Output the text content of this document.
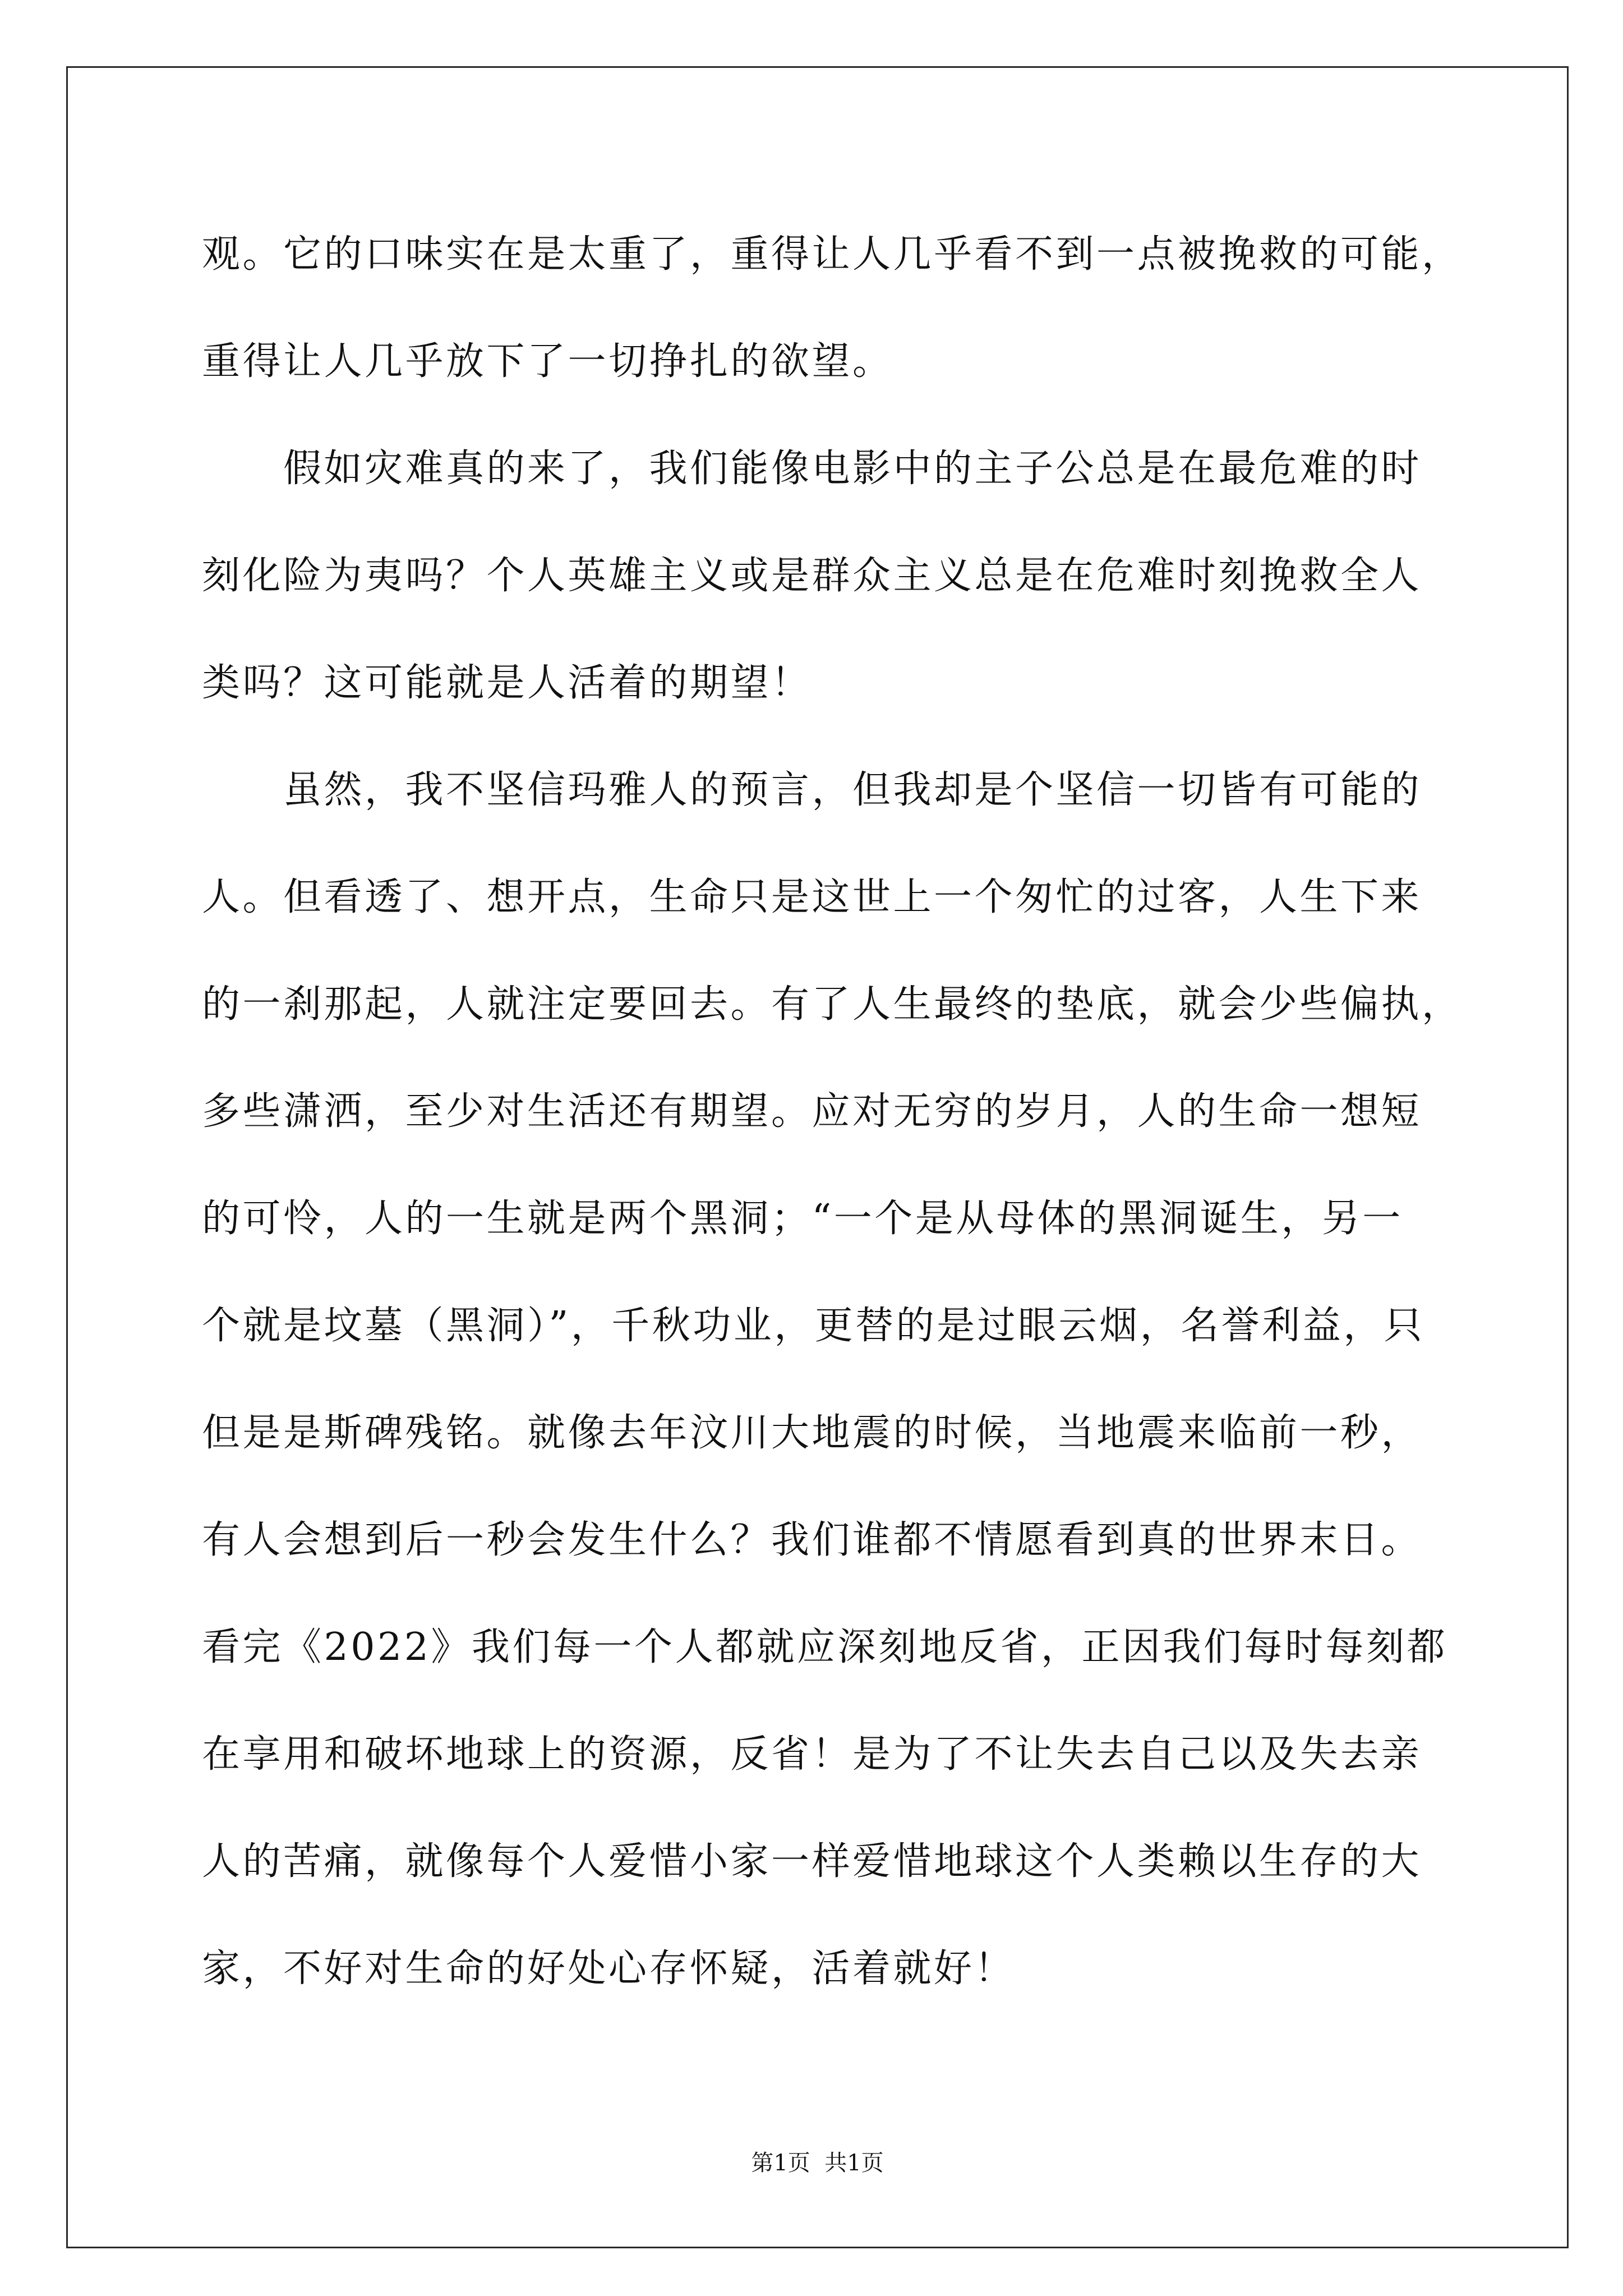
观。它的口味实在是太重了，重得让人几乎看不到一点被挽救的可能，
重得让人几乎放下了一切挣扎的欲望。
假如灾难真的来了，我们能像电影中的主子公总是在最危难的时
刻化险为夷吗？个人英雄主义或是群众主义总是在危难时刻挽救全人
类吗？这可能就是人活着的期望！
虽然，我不坚信玛雅人的预言，但我却是个坚信一切皆有可能的
人。但看透了、想开点，生命只是这世上一个匆忙的过客，人生下来
的一刹那起，人就注定要回去。有了人生最终的垫底，就会少些偏执，
多些潇洒，至少对生活还有期望。应对无穷的岁月，人的生命一想短
的可怜，人的一生就是两个黑洞；“一个是从母体的黑洞诞生，另一
个就是坟墓（黑洞）”，千秋功业，更替的是过眼云烟，名誉利益，只
但是是斯碑残铭。就像去年汶川大地震的时候，当地震来临前一秒，
有人会想到后一秒会发生什么？我们谁都不情愿看到真的世界末日。
看完《2022》我们每一个人都就应深刻地反省，正因我们每时每刻都
在享用和破坏地球上的资源，反省！是为了不让失去自己以及失去亲
人的苦痛，就像每个人爱惜小家一样爱惜地球这个人类赖以生存的大
家，不好对生命的好处心存怀疑，活着就好！
第1页  共1页
